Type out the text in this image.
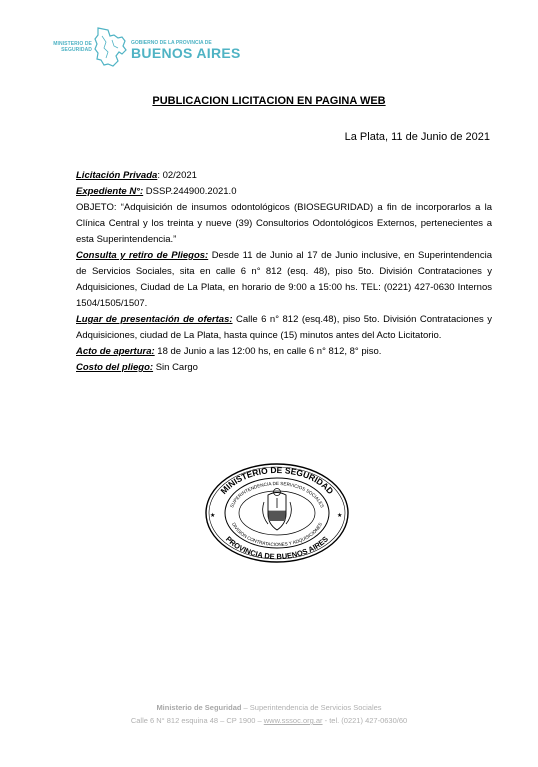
MINISTERIO DE SEGURIDAD
GOBIERNO DE LA PROVINCIA DE
BUENOS AIRES
PUBLICACION LICITACION EN PAGINA WEB
La Plata, 11 de Junio de 2021

Licitación Privada: 02/2021

Expediente N°: DSSP.244900.2021.0

OBJETO: “Adquisición de insumos odontológicos (BIOSEGURIDAD) a fin de incorporarlos a la Clínica Central y los treinta y nueve (39) Consultorios Odontológicos Externos, pertenecientes a esta Superintendencia.”

Consulta y retiro de Pliegos: Desde 11 de Junio al 17 de Junio inclusive, en Superintendencia de Servicios Sociales, sita en calle 6 n° 812 (esq. 48), piso 5to. División Contrataciones y Adquisiciones, Ciudad de La Plata, en horario de 9:00 a 15:00 hs. TEL: (0221) 427-0630 Internos 1504/1505/1507.

Lugar de presentación de ofertas: Calle 6 n° 812 (esq.48), piso 5to. División Contrataciones y Adquisiciones, ciudad de La Plata, hasta quince (15) minutos antes del Acto Licitatorio.

Acto de apertura: 18 de Junio a las 12:00 hs, en calle 6 n° 812, 8° piso.

Costo del pliego: Sin Cargo

MINISTERIO DE SEGURIDAD
PROVINCIA DE BUENOS AIRES
SUPERINTENDENCIA DE SERVICIOS SOCIALES
DIVISION CONTRATACIONES Y ADQUISICIONES
★	★
Ministerio de Seguridad – Superintendencia de Servicios Sociales
Calle 6 N° 812 esquina 48 – CP 1900 – www.sssoc.org.ar - tel. (0221) 427-0630/60
